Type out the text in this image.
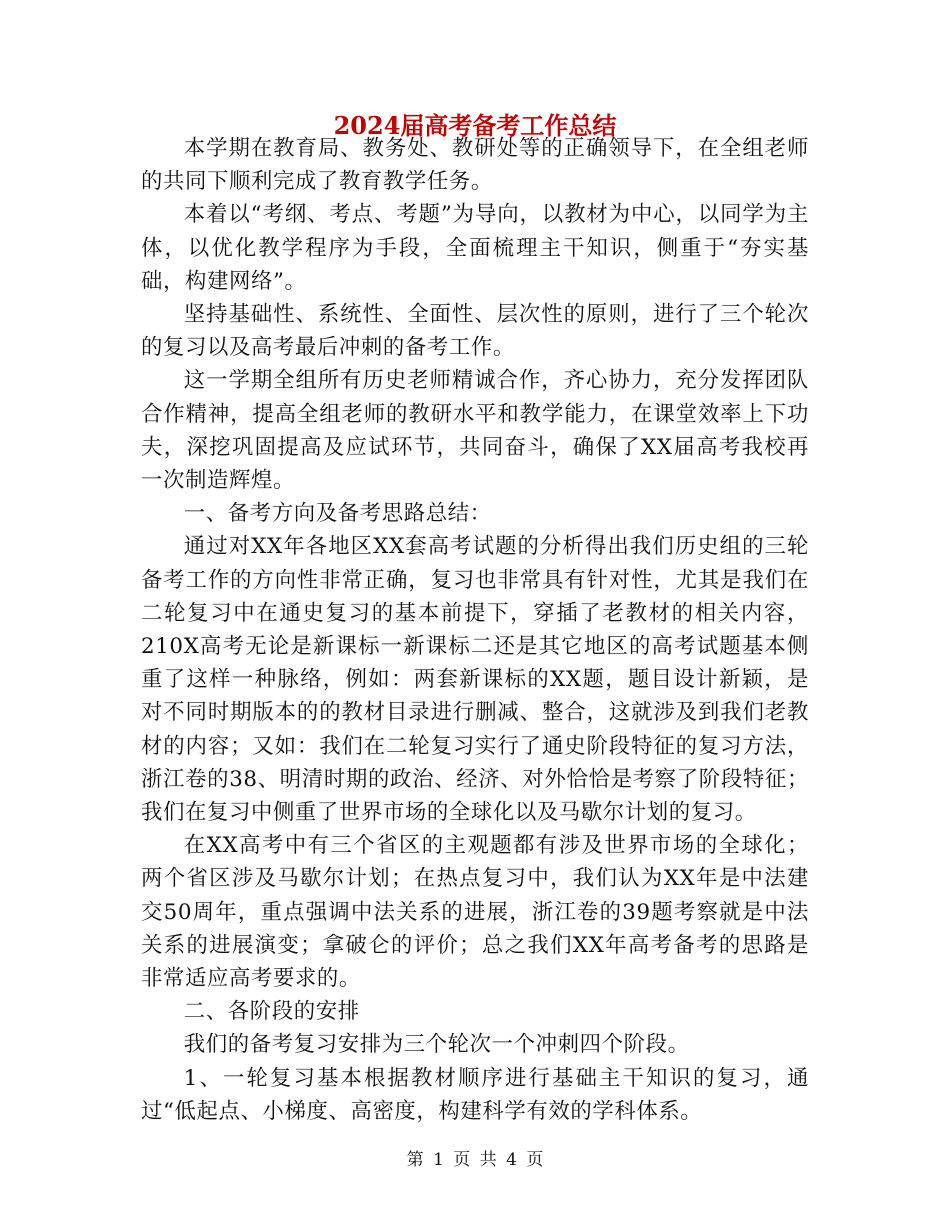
2024届高考备考工作总结

本学期在教育局、教务处、教研处等的正确领导下，在全组老师的共同下顺利完成了教育教学任务。

本着以“考纲、考点、考题”为导向，以教材为中心，以同学为主体，以优化教学程序为手段，全面梳理主干知识，侧重于“夯实基础，构建网络”。

坚持基础性、系统性、全面性、层次性的原则，进行了三个轮次的复习以及高考最后冲刺的备考工作。

这一学期全组所有历史老师精诚合作，齐心协力，充分发挥团队合作精神，提高全组老师的教研水平和教学能力，在课堂效率上下功夫，深挖巩固提高及应试环节，共同奋斗，确保了XX届高考我校再一次制造辉煌。

一、备考方向及备考思路总结：

通过对XX年各地区XX套高考试题的分析得出我们历史组的三轮备考工作的方向性非常正确，复习也非常具有针对性，尤其是我们在二轮复习中在通史复习的基本前提下，穿插了老教材的相关内容，210X高考无论是新课标一新课标二还是其它地区的高考试题基本侧重了这样一种脉络，例如：两套新课标的XX题，题目设计新颖，是对不同时期版本的的教材目录进行删减、整合，这就涉及到我们老教材的内容；又如：我们在二轮复习实行了通史阶段特征的复习方法，浙江卷的38、明清时期的政治、经济、对外恰恰是考察了阶段特征；我们在复习中侧重了世界市场的全球化以及马歇尔计划的复习。

在XX高考中有三个省区的主观题都有涉及世界市场的全球化；两个省区涉及马歇尔计划；在热点复习中，我们认为XX年是中法建交50周年，重点强调中法关系的进展，浙江卷的39题考察就是中法关系的进展演变；拿破仑的评价；总之我们XX年高考备考的思路是非常适应高考要求的。

二、各阶段的安排

我们的备考复习安排为三个轮次一个冲刺四个阶段。

1、一轮复习基本根据教材顺序进行基础主干知识的复习，通过“低起点、小梯度、高密度，构建科学有效的学科体系。

第 1 页 共 4 页
